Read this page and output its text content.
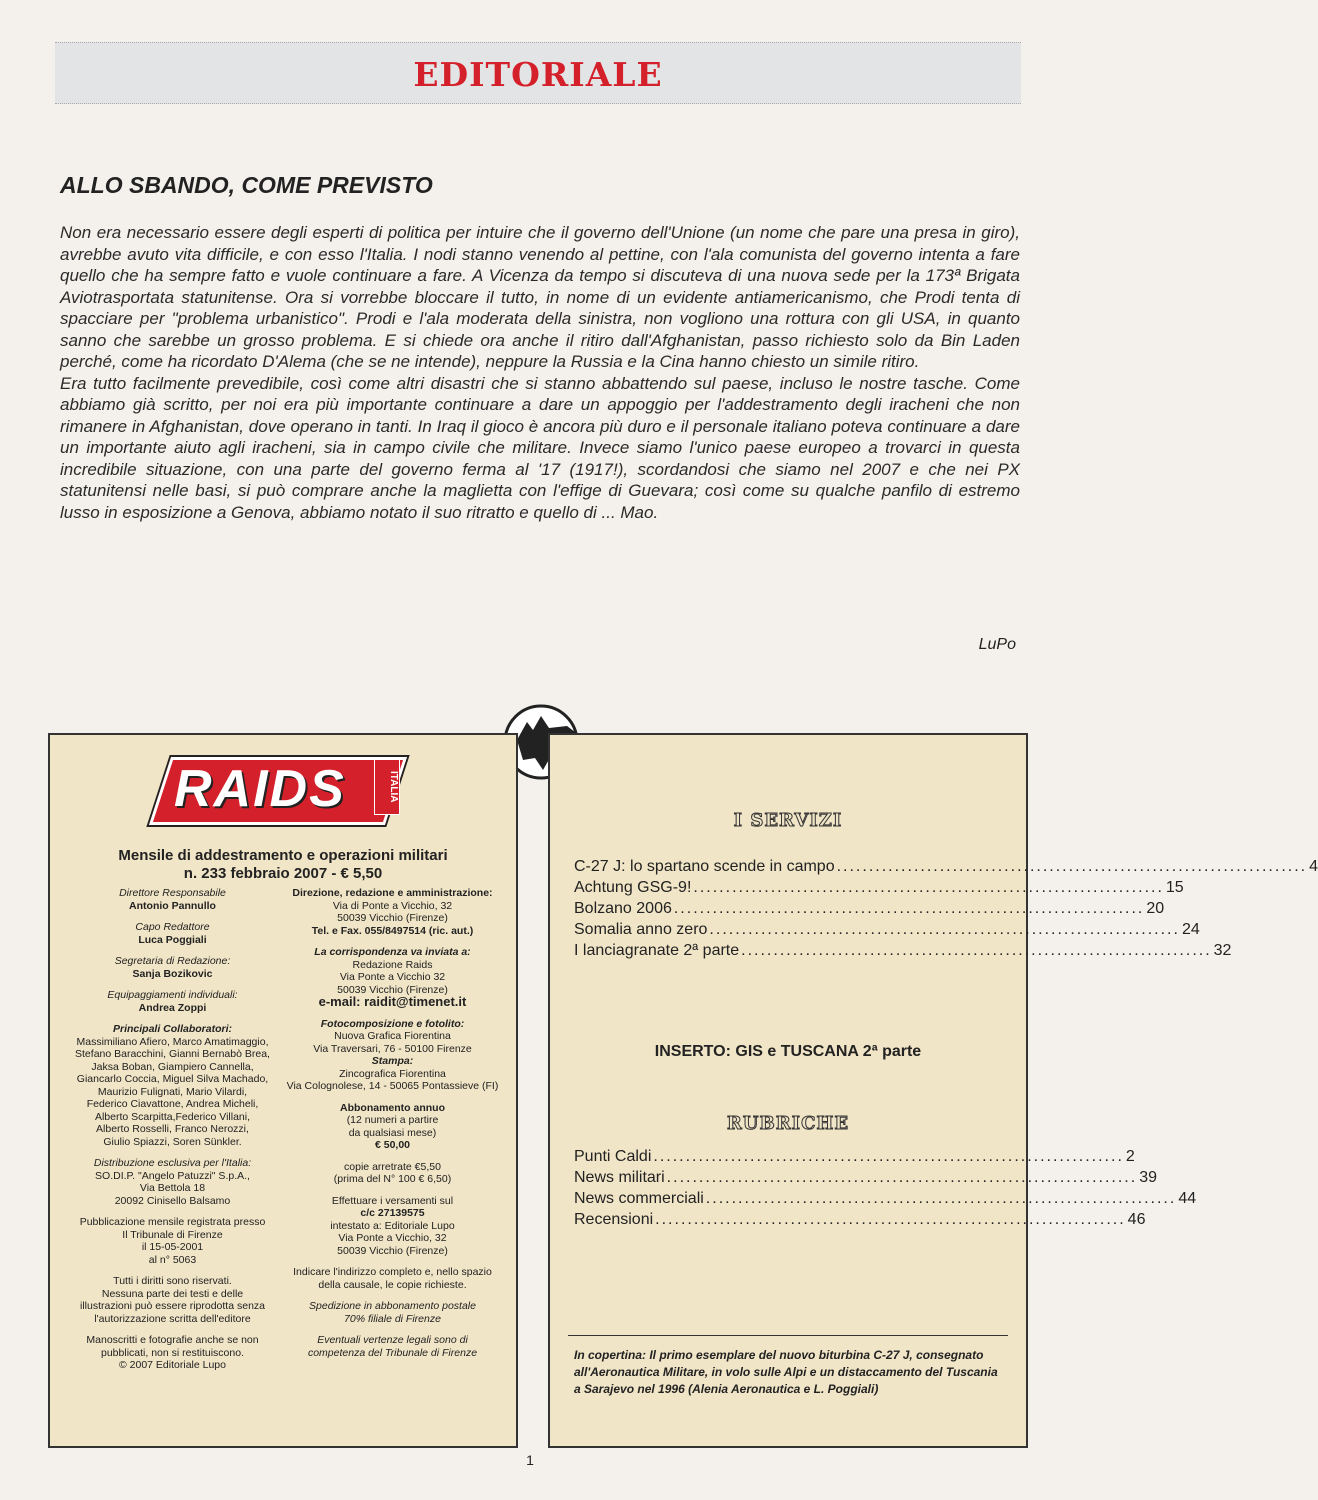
EDITORIALE
ALLO SBANDO, COME PREVISTO

Non era necessario essere degli esperti di politica per intuire che il governo dell'Unione (un nome che pare una presa in giro), avrebbe avuto vita difficile, e con esso l'Italia. I nodi stanno venendo al pettine, con l'ala comunista del governo intenta a fare quello che ha sempre fatto e vuole continuare a fare. A Vicenza da tempo si discuteva di una nuova sede per la 173ª Brigata Aviotrasportata statunitense. Ora si vorrebbe bloccare il tutto, in nome di un evidente antiamericanismo, che Prodi tenta di spacciare per "problema urbanistico". Prodi e l'ala moderata della sinistra, non vogliono una rottura con gli USA, in quanto sanno che sarebbe un grosso problema. E si chiede ora anche il ritiro dall'Afghanistan, passo richiesto solo da Bin Laden perché, come ha ricordato D'Alema (che se ne intende), neppure la Russia e la Cina hanno chiesto un simile ritiro.

Era tutto facilmente prevedibile, così come altri disastri che si stanno abbattendo sul paese, incluso le nostre tasche. Come abbiamo già scritto, per noi era più importante continuare a dare un appoggio per l'addestramento degli iracheni che non rimanere in Afghanistan, dove operano in tanti. In Iraq il gioco è ancora più duro e il personale italiano poteva continuare a dare un importante aiuto agli iracheni, sia in campo civile che militare. Invece siamo l'unico paese europeo a trovarci in questa incredibile situazione, con una parte del governo ferma al '17 (1917!), scordandosi che siamo nel 2007 e che nei PX statunitensi nelle basi, si può comprare anche la maglietta con l'effige di Guevara; così come su qualche panfilo di estremo lusso in esposizione a Genova, abbiamo notato il suo ritratto e quello di ... Mao.

LuPo
RAIDS	ITALIA
Mensile di addestramento e operazioni militari
n. 233 febbraio 2007 - € 5,50
Direttore Responsabile
Antonio Pannullo
Capo Redattore
Luca Poggiali
Segretaria di Redazione:
Sanja Bozikovic
Equipaggiamenti individuali:
Andrea Zoppi
Principali Collaboratori:
Massimiliano Afiero, Marco Amatimaggio,
Stefano Baracchini, Gianni Bernabò Brea,
Jaksa Boban, Giampiero Cannella,
Giancarlo Coccia, Miguel Silva Machado,
Maurizio Fulignati, Mario Vilardi,
Federico Ciavattone, Andrea Micheli,
Alberto Scarpitta,Federico Villani,
Alberto Rosselli, Franco Nerozzi,
Giulio Spiazzi, Soren Sünkler.
Distribuzione esclusiva per l'Italia:
SO.DI.P. "Angelo Patuzzi" S.p.A.,
Via Bettola 18
20092 Cinisello Balsamo
Pubblicazione mensile registrata presso
Il Tribunale di Firenze
il 15-05-2001
al n° 5063
Tutti i diritti sono riservati.
Nessuna parte dei testi e delle
illustrazioni può essere riprodotta senza
l'autorizzazione scritta dell'editore
Manoscritti e fotografie anche se non
pubblicati, non si restituiscono.
© 2007 Editoriale Lupo
Direzione, redazione e amministrazione:
Via di Ponte a Vicchio, 32
50039 Vicchio (Firenze)
Tel. e Fax. 055/8497514 (ric. aut.)
La corrispondenza va inviata a:
Redazione Raids
Via Ponte a Vicchio 32
50039 Vicchio (Firenze)
e-mail: raidit@timenet.it
Fotocomposizione e fotolito:
Nuova Grafica Fiorentina
Via Traversari, 76 - 50100 Firenze
Stampa:
Zincografica Fiorentina
Via Colognolese, 14 - 50065 Pontassieve (FI)
Abbonamento annuo
(12 numeri a partire
da qualsiasi mese)
€ 50,00
copie arretrate €5,50
(prima del N° 100 € 6,50)
Effettuare i versamenti sul
c/c 27139575
intestato a: Editoriale Lupo
Via Ponte a Vicchio, 32
50039 Vicchio (Firenze)
Indicare l'indirizzo completo e, nello spazio
della causale, le copie richieste.
Spedizione in abbonamento postale
70% filiale di Firenze
Eventuali vertenze legali sono di
competenza del Tribunale di Firenze
I SERVIZI
C-27 J: lo spartano scende in campo ......................................................................... 4
Achtung GSG-9! ......................................................................... 15
Bolzano 2006 ......................................................................... 20
Somalia anno zero ......................................................................... 24
I lanciagranate 2ª parte ......................................................................... 32
INSERTO: GIS e TUSCANA 2ª parte
RUBRICHE
Punti Caldi ......................................................................... 2
News militari ......................................................................... 39
News commerciali ......................................................................... 44
Recensioni ......................................................................... 46
In copertina: Il primo esemplare del nuovo biturbina C-27 J, consegnato all'Aeronautica Militare, in volo sulle Alpi e un distaccamento del Tuscania a Sarajevo nel 1996 (Alenia Aeronautica e L. Poggiali)
1
